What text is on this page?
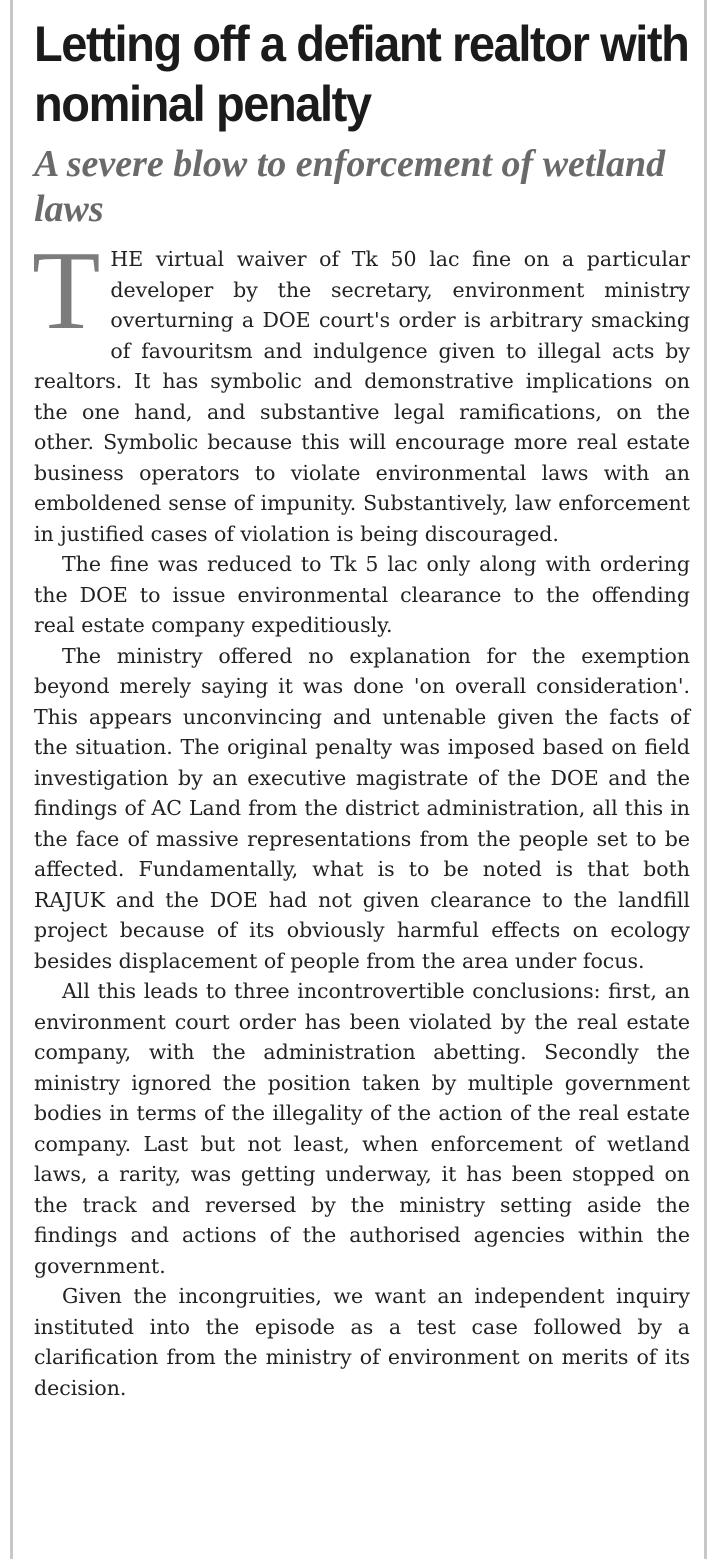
Letting off a defiant realtor with nominal penalty
A severe blow to enforcement of wetland laws

THE virtual waiver of Tk 50 lac fine on a particular developer by the secretary, environment ministry overturning a DOE court's order is arbitrary smacking of favouritsm and indulgence given to illegal acts by realtors. It has symbolic and demonstrative implications on the one hand, and substantive legal ramifications, on the other. Symbolic because this will encourage more real estate business operators to violate environmental laws with an emboldened sense of impunity. Substantively, law enforcement in justified cases of violation is being discouraged.

The fine was reduced to Tk 5 lac only along with ordering the DOE to issue environmental clearance to the offending real estate company expeditiously.

The ministry offered no explanation for the exemption beyond merely saying it was done 'on overall consideration'. This appears unconvincing and untenable given the facts of the situation. The original penalty was imposed based on field investigation by an executive magistrate of the DOE and the findings of AC Land from the district administration, all this in the face of massive representations from the people set to be affected. Fundamentally, what is to be noted is that both RAJUK and the DOE had not given clearance to the landfill project because of its obviously harmful effects on ecology besides displacement of people from the area under focus.

All this leads to three incontrovertible conclusions: first, an environment court order has been violated by the real estate company, with the administration abetting. Secondly the ministry ignored the position taken by multiple government bodies in terms of the illegality of the action of the real estate company. Last but not least, when enforcement of wetland laws, a rarity, was getting underway, it has been stopped on the track and reversed by the ministry setting aside the findings and actions of the authorised agencies within the government.

Given the incongruities, we want an independent inquiry instituted into the episode as a test case followed by a clarification from the ministry of environment on merits of its decision.
